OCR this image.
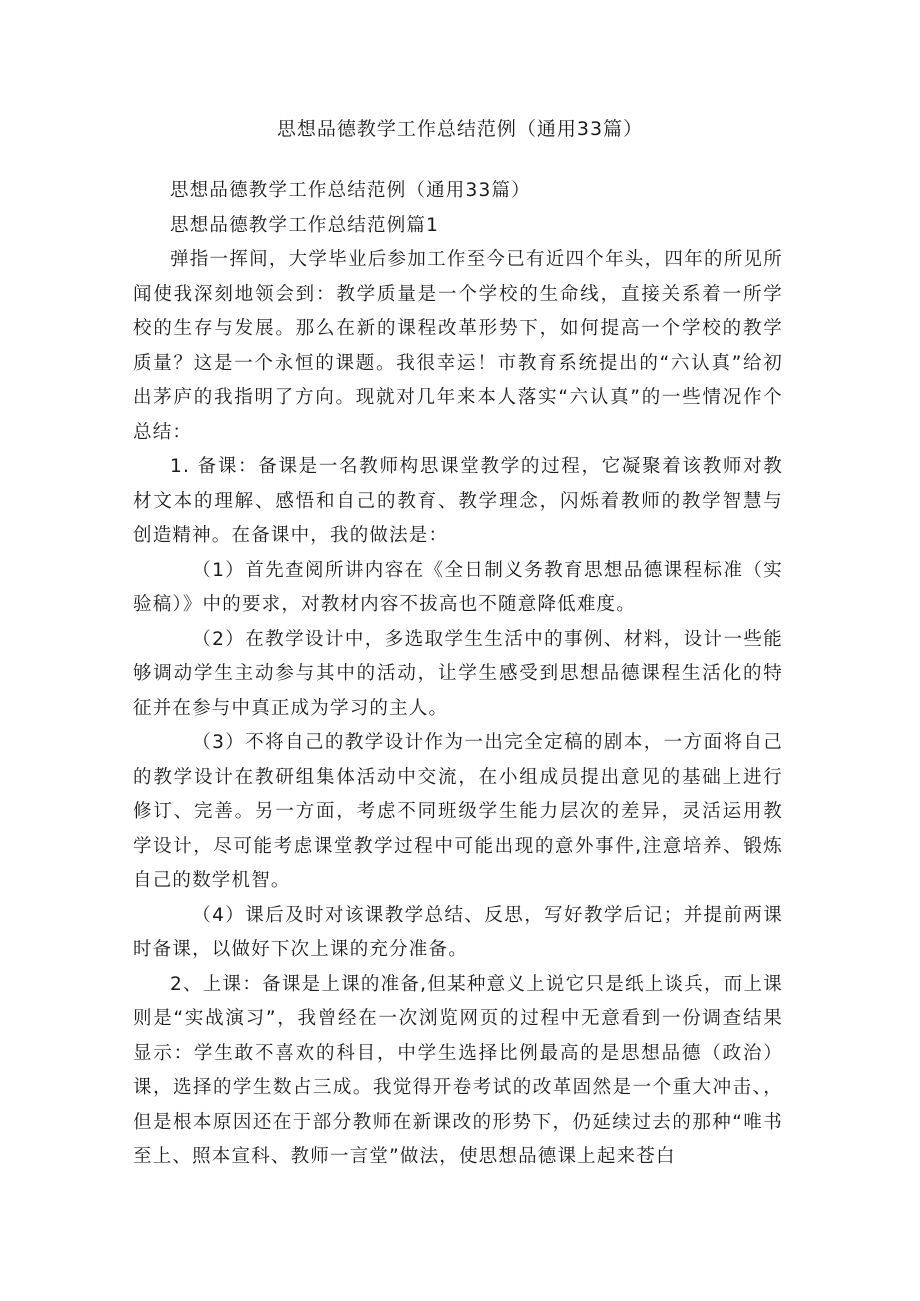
思想品德教学工作总结范例（通用33篇）

思想品德教学工作总结范例（通用33篇）

思想品德教学工作总结范例篇1

弹指一挥间，大学毕业后参加工作至今已有近四个年头，四年的所见所闻使我深刻地领会到：教学质量是一个学校的生命线，直接关系着一所学校的生存与发展。那么在新的课程改革形势下，如何提高一个学校的教学质量？这是一个永恒的课题。我很幸运！市教育系统提出的“六认真”给初出茅庐的我指明了方向。现就对几年来本人落实“六认真”的一些情况作个总结：

1. 备课：备课是一名教师构思课堂教学的过程，它凝聚着该教师对教材文本的理解、感悟和自己的教育、教学理念，闪烁着教师的教学智慧与创造精神。在备课中，我的做法是：

（1）首先查阅所讲内容在《全日制义务教育思想品德课程标准（实验稿）》中的要求，对教材内容不拔高也不随意降低难度。

（2）在教学设计中，多选取学生生活中的事例、材料，设计一些能够调动学生主动参与其中的活动，让学生感受到思想品德课程生活化的特征并在参与中真正成为学习的主人。

（3）不将自己的教学设计作为一出完全定稿的剧本，一方面将自己的教学设计在教研组集体活动中交流，在小组成员提出意见的基础上进行修订、完善。另一方面，考虑不同班级学生能力层次的差异，灵活运用教学设计，尽可能考虑课堂教学过程中可能出现的意外事件,注意培养、锻炼自己的数学机智。

（4）课后及时对该课教学总结、反思，写好教学后记；并提前两课时备课，以做好下次上课的充分准备。

2、上课：备课是上课的准备,但某种意义上说它只是纸上谈兵，而上课则是“实战演习”，我曾经在一次浏览网页的过程中无意看到一份调查结果显示：学生敢不喜欢的科目，中学生选择比例最高的是思想品德（政治）课，选择的学生数占三成。我觉得开卷考试的改革固然是一个重大冲击、，但是根本原因还在于部分教师在新课改的形势下，仍延续过去的那种“唯书至上、照本宣科、教师一言堂”做法，使思想品德课上起来苍白
